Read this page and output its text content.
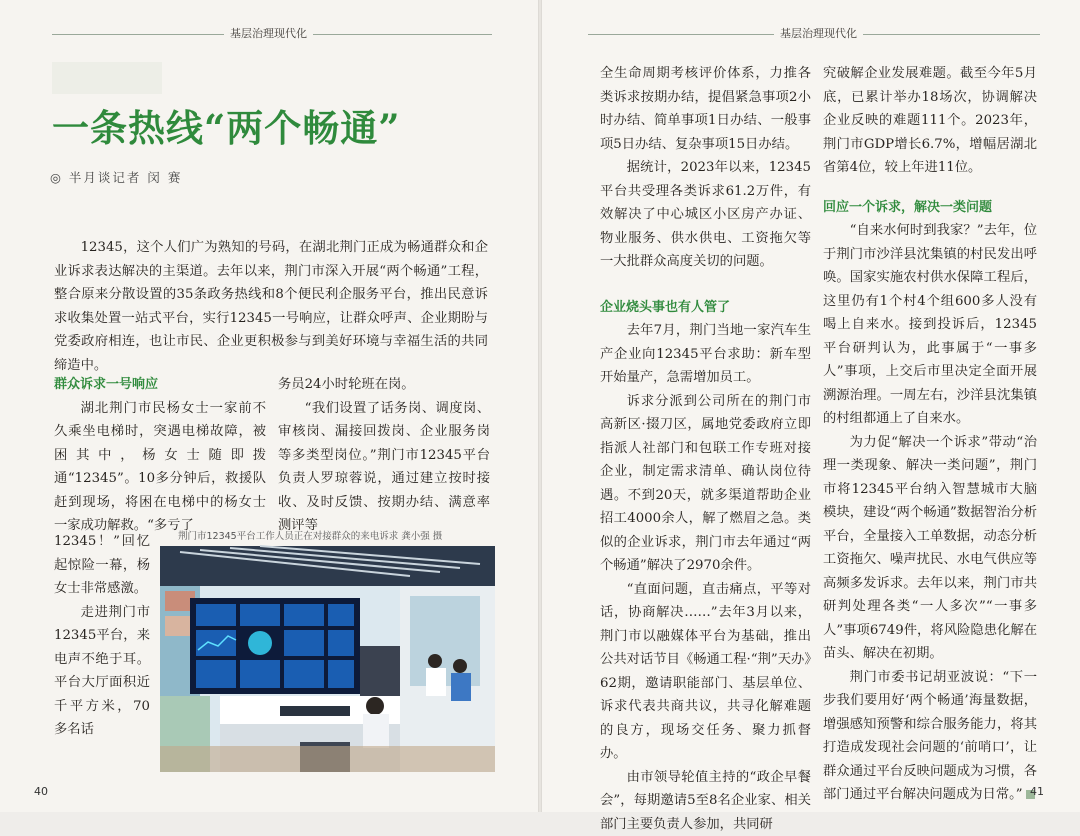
基层治理现代化
一条热线“两个畅通”
◎ 半月谈记者 闵 赛
12345，这个人们广为熟知的号码，在湖北荆门正成为畅通群众和企业诉求表达解决的主渠道。去年以来，荆门市深入开展“两个畅通”工程，整合原来分散设置的35条政务热线和8个便民利企服务平台，推出民意诉求收集处置一站式平台，实行12345一号响应，让群众呼声、企业期盼与党委政府相连，也让市民、企业更积极参与到美好环境与幸福生活的共同缔造中。

群众诉求一号响应

湖北荆门市民杨女士一家前不久乘坐电梯时，突遇电梯故障，被困其中，杨女士随即拨通“12345”。10多分钟后，救援队赶到现场，将困在电梯中的杨女士一家成功解救。“多亏了

12345！”回忆起惊险一幕，杨女士非常感激。

走进荆门市12345平台，来电声不绝于耳。平台大厅面积近千平方米，70多名话

务员24小时轮班在岗。

“我们设置了话务岗、调度岗、审核岗、漏接回拨岗、企业服务岗等多类型岗位。”荆门市12345平台负责人罗琼蓉说，通过建立按时接收、及时反馈、按期办结、满意率测评等

荆门市12345平台工作人员正在对接群众的来电诉求 龚小强 摄
40
基层治理现代化

全生命周期考核评价体系，力推各类诉求按期办结，提倡紧急事项2小时办结、简单事项1日办结、一般事项5日办结、复杂事项15日办结。

据统计，2023年以来，12345平台共受理各类诉求61.2万件，有效解决了中心城区小区房产办证、物业服务、供水供电、工资拖欠等一大批群众高度关切的问题。

企业烧头事也有人管了

去年7月，荆门当地一家汽车生产企业向12345平台求助：新车型开始量产，急需增加员工。

诉求分派到公司所在的荆门市高新区·掇刀区，属地党委政府立即指派人社部门和包联工作专班对接企业，制定需求清单、确认岗位待遇。不到20天，就多渠道帮助企业招工4000余人，解了燃眉之急。类似的企业诉求，荆门市去年通过“两个畅通”解决了2970余件。

“直面问题，直击痛点，平等对话，协商解决……”去年3月以来，荆门市以融媒体平台为基础，推出公共对话节目《畅通工程·“荆”天办》62期，邀请职能部门、基层单位、诉求代表共商共议，共寻化解难题的良方，现场交任务、聚力抓督办。

由市领导轮值主持的“政企早餐会”，每期邀请5至8名企业家、相关部门主要负责人参加，共同研

究破解企业发展难题。截至今年5月底，已累计举办18场次，协调解决企业反映的难题111个。2023年，荆门市GDP增长6.7%，增幅居湖北省第4位，较上年进11位。

回应一个诉求，解决一类问题

“自来水何时到我家？”去年，位于荆门市沙洋县沈集镇的村民发出呼唤。国家实施农村供水保障工程后，这里仍有1个村4个组600多人没有喝上自来水。接到投诉后，12345平台研判认为，此事属于“一事多人”事项，上交后市里决定全面开展溯源治理。一周左右，沙洋县沈集镇的村组都通上了自来水。

为力促“解决一个诉求”带动“治理一类现象、解决一类问题”，荆门市将12345平台纳入智慧城市大脑模块，建设“两个畅通”数据智治分析平台，全量接入工单数据，动态分析工资拖欠、噪声扰民、水电气供应等高频多发诉求。去年以来，荆门市共研判处理各类“一人多次”“一事多人”事项6749件，将风险隐患化解在苗头、解决在初期。

荆门市委书记胡亚波说：“下一步我们要用好‘两个畅通’海量数据，增强感知预警和综合服务能力，将其打造成发现社会问题的‘前哨口’，让群众通过平台反映问题成为习惯，各部门通过平台解决问题成为日常。” 41
